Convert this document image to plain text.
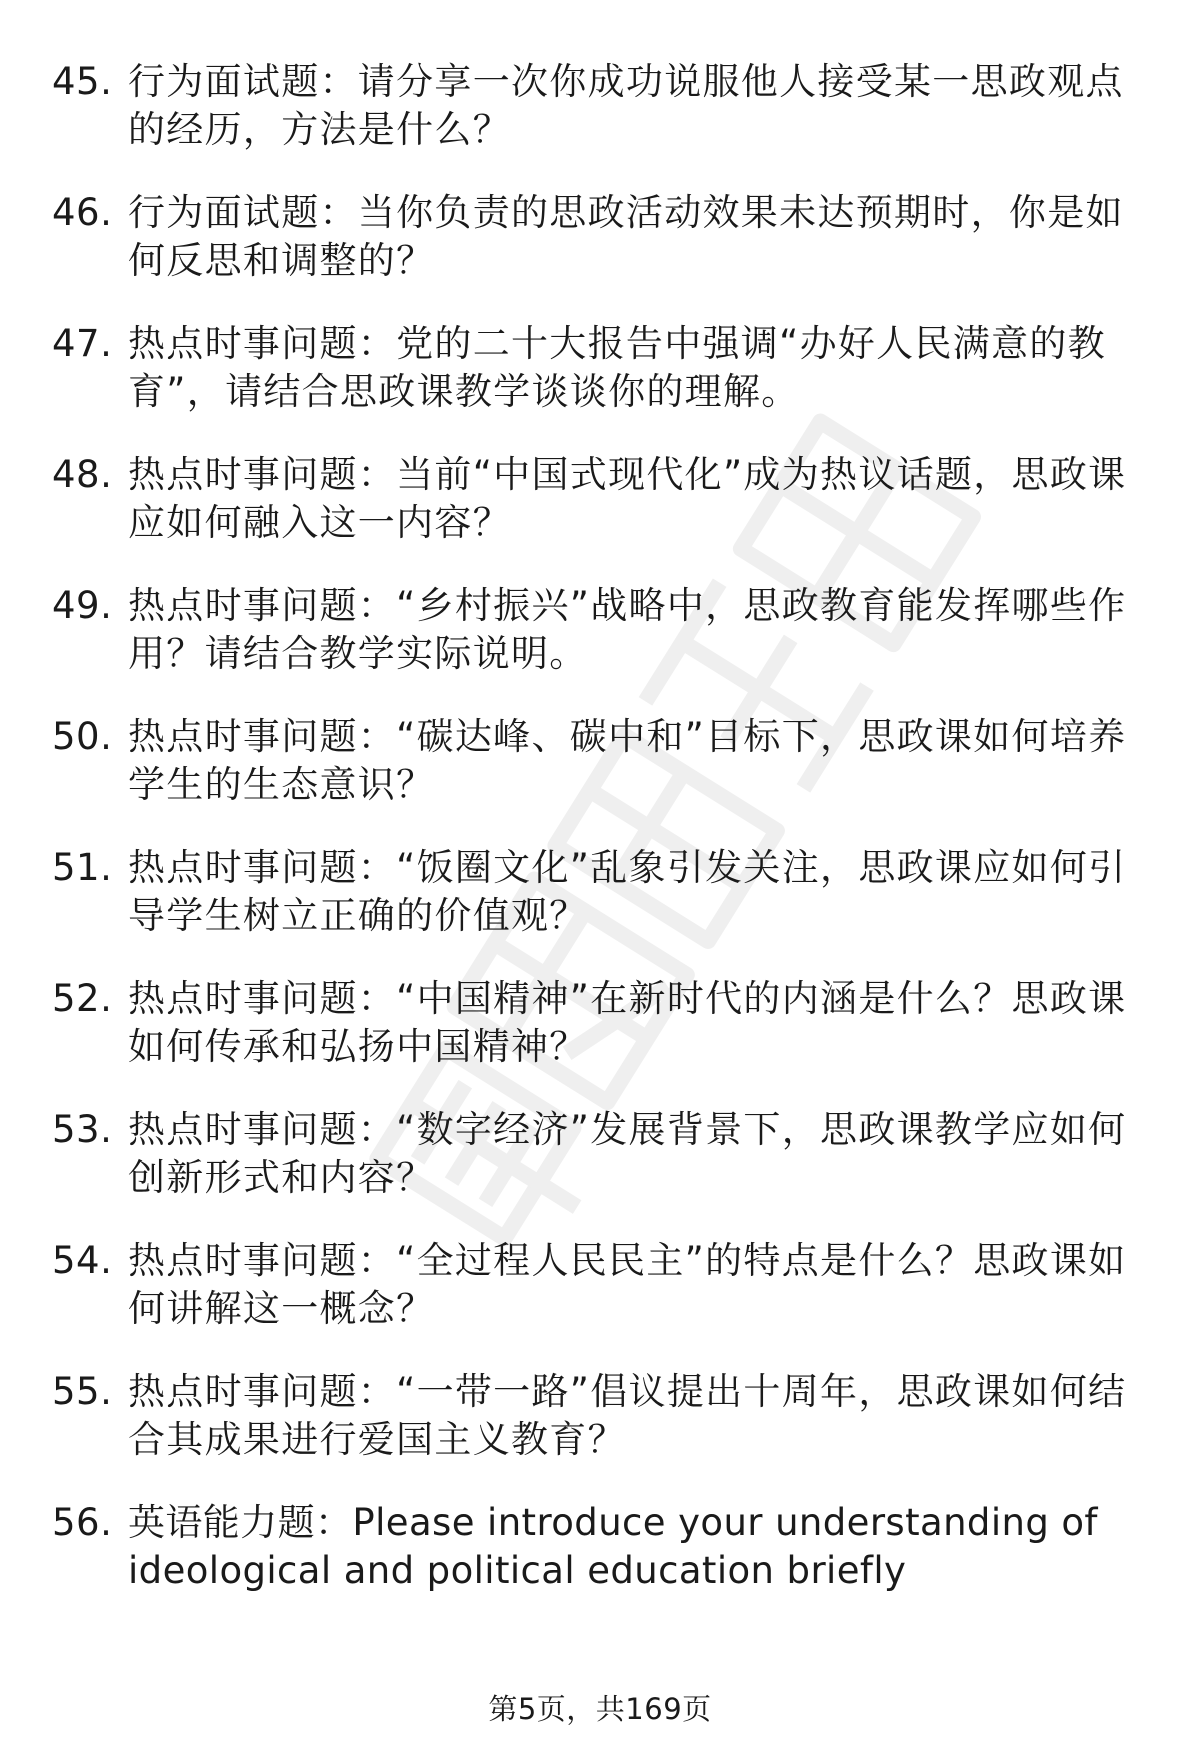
45. 行为面试题：请分享一次你成功说服他人接受某一思政观点的经历，方法是什么？
46. 行为面试题：当你负责的思政活动效果未达预期时，你是如何反思和调整的？
47. 热点时事问题：党的二十大报告中强调“办好人民满意的教育”，请结合思政课教学谈谈你的理解。
48. 热点时事问题：当前“中国式现代化”成为热议话题，思政课应如何融入这一内容？
49. 热点时事问题：“乡村振兴”战略中，思政教育能发挥哪些作用？请结合教学实际说明。
50. 热点时事问题：“碳达峰、碳中和”目标下，思政课如何培养学生的生态意识？
51. 热点时事问题：“饭圈文化”乱象引发关注，思政课应如何引导学生树立正确的价值观？
52. 热点时事问题：“中国精神”在新时代的内涵是什么？思政课如何传承和弘扬中国精神？
53. 热点时事问题：“数字经济”发展背景下，思政课教学应如何创新形式和内容？
54. 热点时事问题：“全过程人民民主”的特点是什么？思政课如何讲解这一概念？
55. 热点时事问题：“一带一路”倡议提出十周年，思政课如何结合其成果进行爱国主义教育？
56. 英语能力题：Please introduce your understanding of ideological and political education briefly
第5页，共169页
